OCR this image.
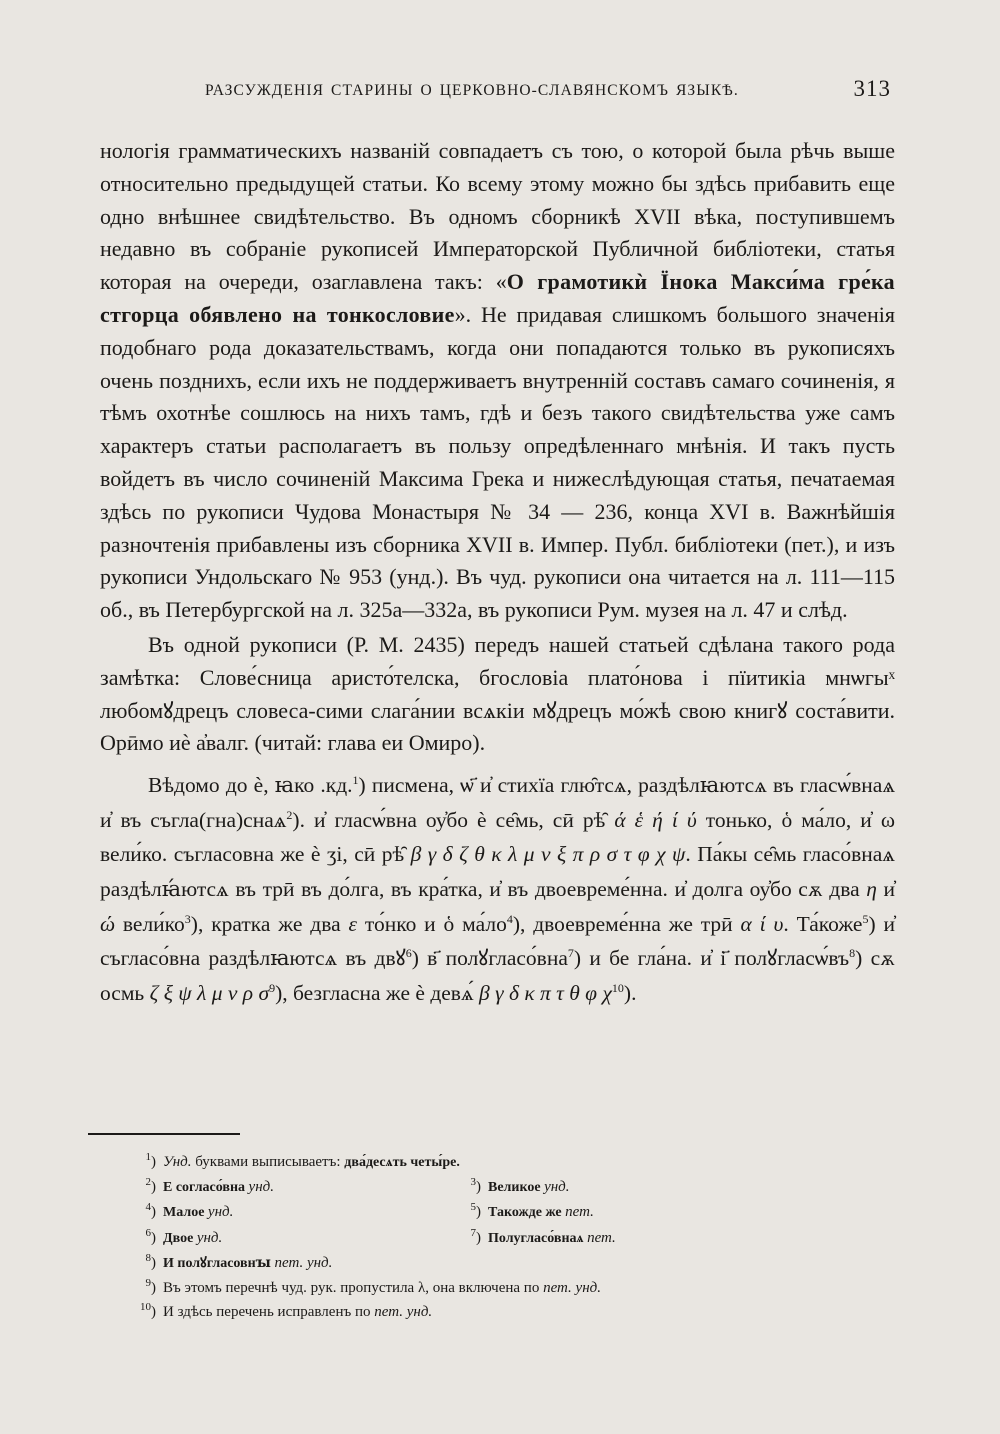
РАЗСУЖДЕНІЯ СТАРИНЫ О ЦЕРКОВНО-СЛАВЯНСКОМЪ ЯЗЫКѢ.	313

нологія грамматическихъ названій совпадаетъ съ тою, о которой была рѣчь выше относительно предыдущей статьи. Ко всему этому можно бы здѣсь прибавить еще одно внѣшнее свидѣтельство. Въ одномъ сборникѣ XVII вѣка, поступившемъ недавно въ собраніе рукописей Императорской Публичной библіотеки, статья которая на очереди, озаглавлена такъ: «О грамотикѝ Їнока Макси́ма гре́ка стгорца обявлено на тонкословие». Не придавая слишкомъ большого значенія подобнаго рода доказательствамъ, когда они попадаются только въ рукописяхъ очень позднихъ, если ихъ не поддерживаетъ внутренній составъ самаго сочиненія, я тѣмъ охотнѣе сошлюсь на нихъ тамъ, гдѣ и безъ такого свидѣтельства уже самъ характеръ статьи располагаетъ въ пользу опредѣленнаго мнѣнія. И такъ пусть войдетъ въ число сочиненій Максима Грека и нижеслѣдующая статья, печатаемая здѣсь по рукописи Чудова Монастыря № 34 — 236, конца XVI в. Важнѣйшія разночтенія прибавлены изъ сборника XVII в. Импер. Публ. библіотеки (пет.), и изъ рукописи Ундольскаго № 953 (унд.). Въ чуд. рукописи она читается на л. 111—115 об., въ Петербургской на л. 325а—332а, въ рукописи Рум. музея на л. 47 и слѣд.

Въ одной рукописи (Р. М. 2435) передъ нашей статьей сдѣлана такого рода замѣтка: Слове́сница аристо́телска, бгословіа плато́нова і пїитикіа мнѡгыˣ любомꙋдрецъ словеса-сими слага́нии всѧкіи мꙋдрецъ мо́жѣ свою книгꙋ соста́вити. Орӣмо иѐ а̓валг. (читай: глава еи Омиро).

Вѣдомо до ѐ, ꙗко .кд.$^1$) писмена, ѡ҃ и̓ стихїа глю̑тсѧ, раздѣлꙗютсѧ въ гласѡ́внаѧ и̓ въ съгла(гна)снаѧ$^2$). и̓ гласѡ́вна оу̓бо ѐ се̑мь, сӣ рѣ̑ ά ἑ ή ί ύ тонько, ὁ ма́ло, и̓ ω вели́ко. съгласовна же ѐ ӡі, сӣ рѣ̑ β γ δ ζ θ κ λ μ ν ξ π ρ σ τ φ χ ψ. Па́кы се̑мь гласо́внаѧ раздѣлꙗ́ютсѧ въ трӣ въ до́лга, въ кра́тка, и̓ въ двоевреме́нна. и̓ долга оу̓бо сѫ два η и̓ ώ $вели́ко^3$), кратка же два ε то́нко и ὁ $ма́ло^4$), двоевреме́нна же трӣ α ί υ. Та́коже$^5$) и̓ съгласо́вна раздѣлꙗютсѧ въ двꙋ$^6$) в҃ полꙋгласо́вна$^7$) и бе гла́на. и̓ і҃ $полꙋгласѡ́въ^8$) сѫ осмь ζ ξ ψ λ μ ν ρ $\sigma^9$), безгласна же ѐ девѧ́ β γ δ κ π τ θ φ $\chi^{10}$).

$^1$) Унд. буквами выписываетъ: два́десѧть четы́ре.
$^2$) Е согласо́вна унд.	$^3$) Великое унд.
$^4$) Малое унд.	$^5$) Такожде же пет.
$^6$) Двое унд.	$^7$) Полугласо́внаѧ пет.
$^8$) И полꙋгласовнꙑ пет. унд.
$^9$) Въ этомъ перечнѣ чуд. рук. пропустила λ, она включена по пет. унд.
$^{10}$) И здѣсь перечень исправленъ по пет. унд.
